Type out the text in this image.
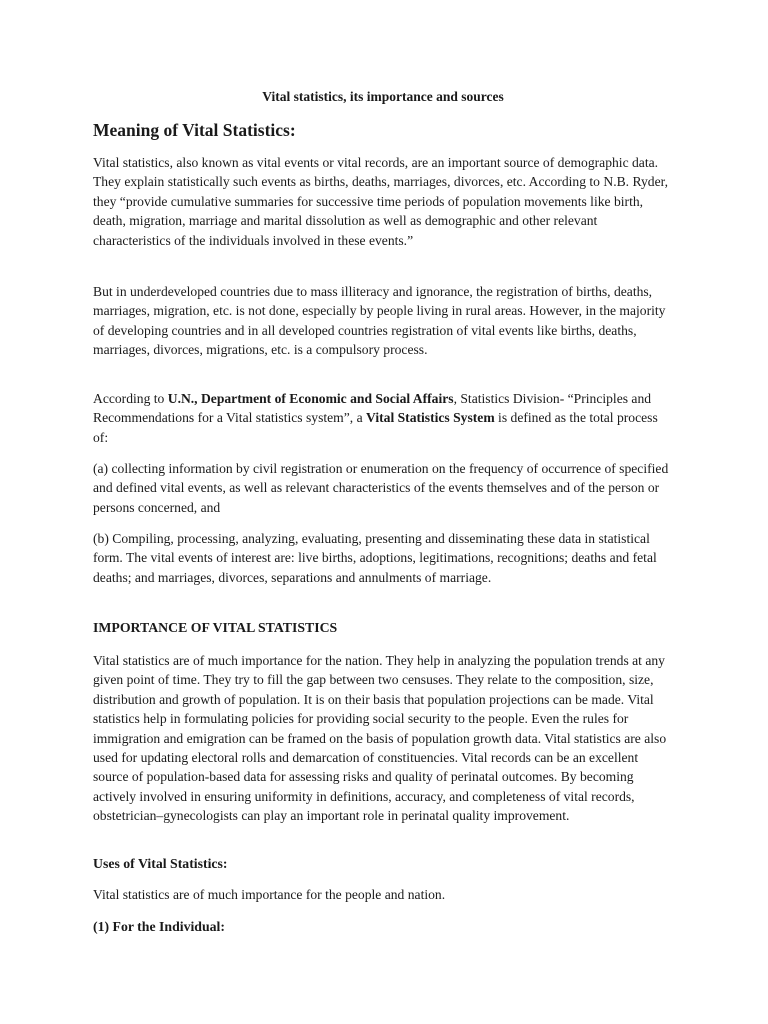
Vital statistics, its importance and sources
Meaning of Vital Statistics:

Vital statistics, also known as vital events or vital records, are an important source of demographic data. They explain statistically such events as births, deaths, marriages, divorces, etc. According to N.B. Ryder, they “provide cumulative summaries for successive time periods of population movements like birth, death, migration, marriage and marital dissolution as well as demographic and other relevant characteristics of the individuals involved in these events.”

But in underdeveloped countries due to mass illiteracy and ignorance, the registration of births, deaths, marriages, migration, etc. is not done, especially by people living in rural areas. However, in the majority of developing countries and in all developed countries registration of vital events like births, deaths, marriages, divorces, migrations, etc. is a compulsory process.

According to U.N., Department of Economic and Social Affairs, Statistics Division- “Principles and Recommendations for a Vital statistics system”, a Vital Statistics System is defined as the total process of:

(a) collecting information by civil registration or enumeration on the frequency of occurrence of specified and defined vital events, as well as relevant characteristics of the events themselves and of the person or persons concerned, and

(b) Compiling, processing, analyzing, evaluating, presenting and disseminating these data in statistical form. The vital events of interest are: live births, adoptions, legitimations, recognitions; deaths and fetal deaths; and marriages, divorces, separations and annulments of marriage.

IMPORTANCE OF VITAL STATISTICS

Vital statistics are of much importance for the nation. They help in analyzing the population trends at any given point of time. They try to fill the gap between two censuses. They relate to the composition, size, distribution and growth of population. It is on their basis that population projections can be made. Vital statistics help in formulating policies for providing social security to the people. Even the rules for immigration and emigration can be framed on the basis of population growth data. Vital statistics are also used for updating electoral rolls and demarcation of constituencies. Vital records can be an excellent source of population-based data for assessing risks and quality of perinatal outcomes. By becoming actively involved in ensuring uniformity in definitions, accuracy, and completeness of vital records, obstetrician–gynecologists can play an important role in perinatal quality improvement.

Uses of Vital Statistics:

Vital statistics are of much importance for the people and nation.

(1) For the Individual:
